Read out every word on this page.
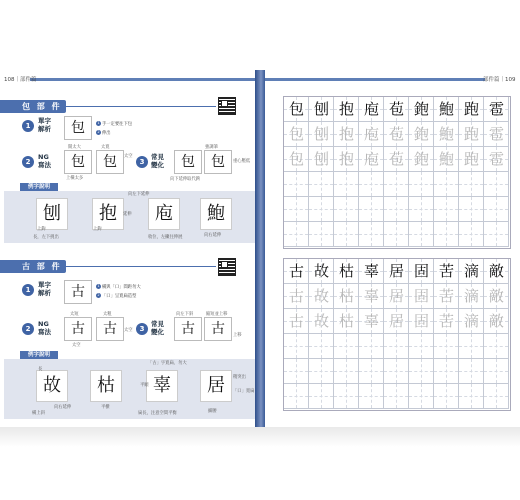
108｜部件篇
包 部 件
1
單字
解析	包	1 手一定要往下包
2 伸出
2
NG
寫法
開太大	太寬
包	包	太空
上橫太多
3
常見
變化
強調筆
包	包	重心壓低
向下延伸取代鉤
例字說明
刨
上鉤
長，左下挑出
抱
上鉤
延伸	庖
向左下延伸
收位，左撇往伸展
鮑
向右延伸
古 部 件
1
單字
解析	古	1 橫與「口」間距勿大
2 「口」呈寬扁造型
2
NG
寫法
太短	太粗
古	古	太空
太空
3
常見
變化
向左下斜	縮短並上移
古	古	上移
例字說明
故
長
向右延伸
橫上斜
枯
平横
辜
「古」字寬扁、勿大
平順
扁長，注意空間平衡
居	稍突出
「口」寬扁
細腰
部件篇｜109
包 刨 抱 庖 苞 鉋 鮑 跑 雹
包 刨 抱 庖 苞 鉋 鮑 跑 雹
包 刨 抱 庖 苞 鉋 鮑 跑 雹
古 故 枯 辜 居 固 苦 滴 敵
古 故 枯 辜 居 固 苦 滴 敵
古 故 枯 辜 居 固 苦 滴 敵
